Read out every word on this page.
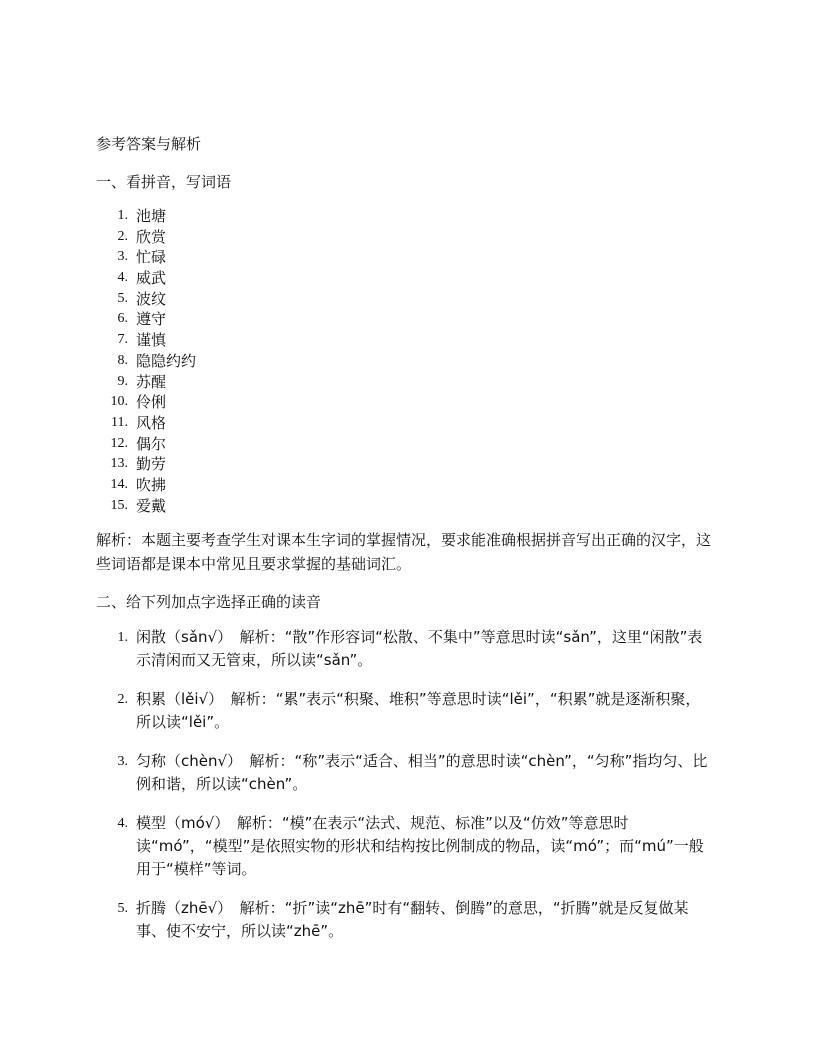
参考答案与解析
一、看拼音，写词语
1. 池塘
2. 欣赏
3. 忙碌
4. 威武
5. 波纹
6. 遵守
7. 谨慎
8. 隐隐约约
9. 苏醒
10. 伶俐
11. 风格
12. 偶尔
13. 勤劳
14. 吹拂
15. 爱戴
解析：本题主要考查学生对课本生字词的掌握情况，要求能准确根据拼音写出正确的汉字，这些词语都是课本中常见且要求掌握的基础词汇。
二、给下列加点字选择正确的读音
1. 闲散（sǎn√）　解析：“散”作形容词“松散、不集中”等意思时读“sǎn”，这里“闲散”表示清闲而又无管束，所以读“sǎn”。
2. 积累（lěi√）　解析：“累”表示“积聚、堆积”等意思时读“lěi”，“积累”就是逐渐积聚，所以读“lěi”。
3. 匀称（chèn√）　解析：“称”表示“适合、相当”的意思时读“chèn”，“匀称”指均匀、比例和谐，所以读“chèn”。
4. 模型（mó√）　解析：“模”在表示“法式、规范、标准”以及“仿效”等意思时读“mó”，“模型”是依照实物的形状和结构按比例制成的物品，读“mó”；而“mú”一般用于“模样”等词。
5. 折腾（zhē√）　解析：“折”读“zhē”时有“翻转、倒腾”的意思，“折腾”就是反复做某事、使不安宁，所以读“zhē”。
